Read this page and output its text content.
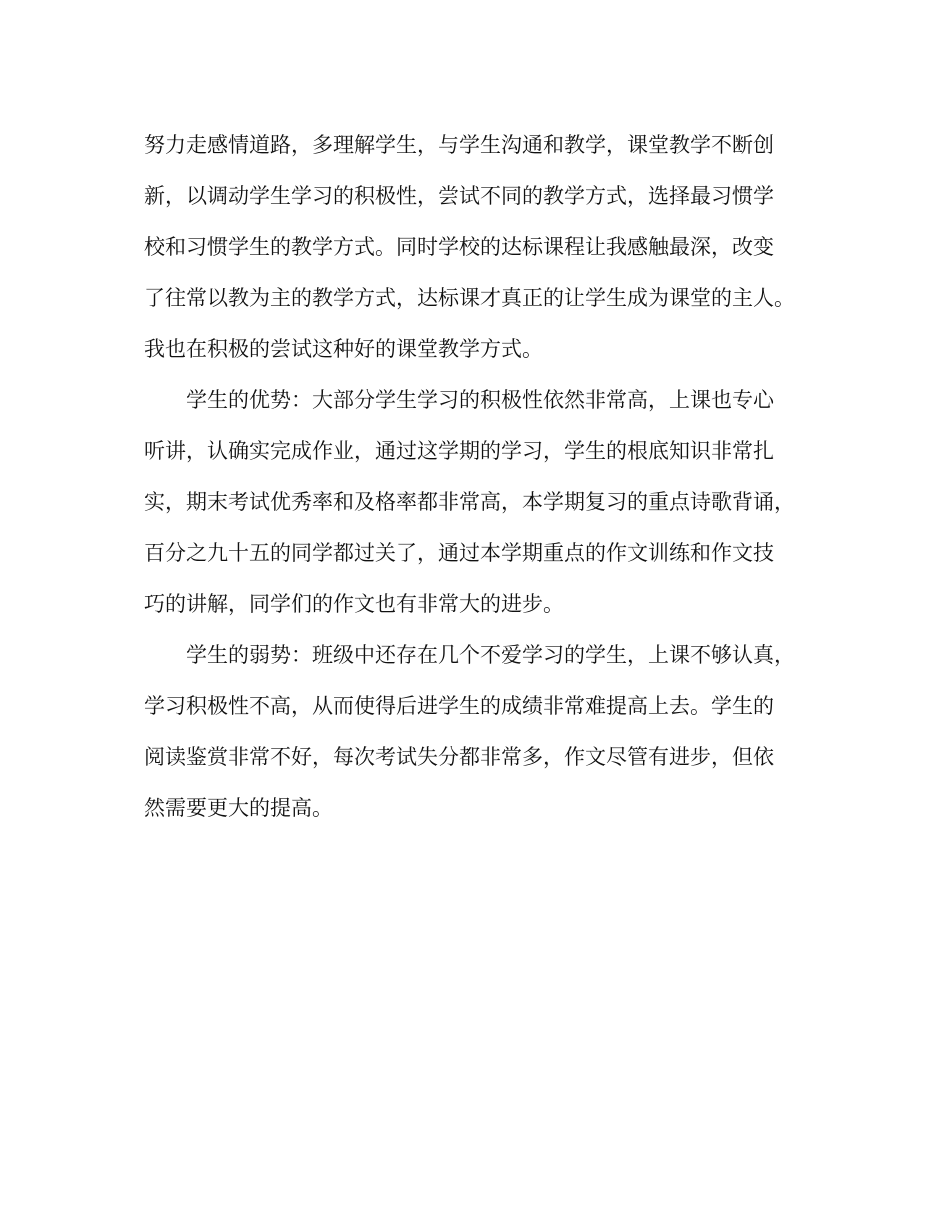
努力走感情道路，多理解学生，与学生沟通和教学，课堂教学不断创
新，以调动学生学习的积极性，尝试不同的教学方式，选择最习惯学
校和习惯学生的教学方式。同时学校的达标课程让我感触最深，改变
了往常以教为主的教学方式，达标课才真正的让学生成为课堂的主人。
我也在积极的尝试这种好的课堂教学方式。
学生的优势：大部分学生学习的积极性依然非常高，上课也专心
听讲，认确实完成作业，通过这学期的学习，学生的根底知识非常扎
实，期末考试优秀率和及格率都非常高，本学期复习的重点诗歌背诵，
百分之九十五的同学都过关了，通过本学期重点的作文训练和作文技
巧的讲解，同学们的作文也有非常大的进步。
学生的弱势：班级中还存在几个不爱学习的学生，上课不够认真，
学习积极性不高，从而使得后进学生的成绩非常难提高上去。学生的
阅读鉴赏非常不好，每次考试失分都非常多，作文尽管有进步，但依
然需要更大的提高。
